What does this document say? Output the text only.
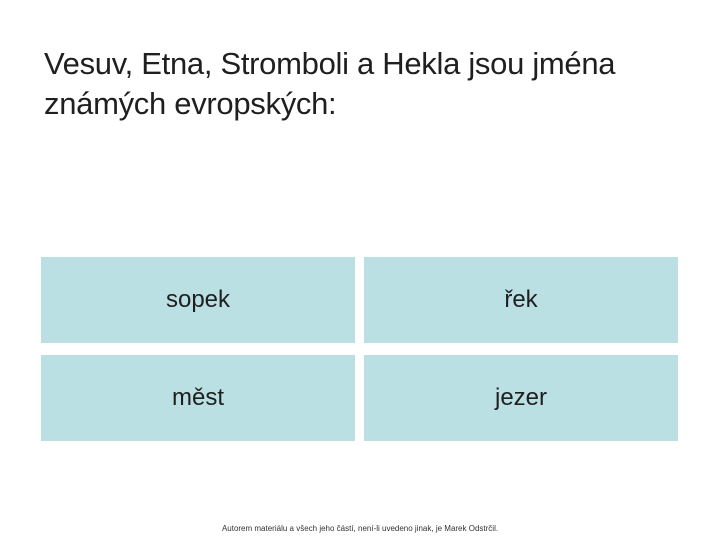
Vesuv, Etna, Stromboli a Hekla jsou jména známých evropských:
sopek	řek
měst	jezer
Autorem materiálu a všech jeho částí, není-li uvedeno jinak, je Marek Odstrčil.
